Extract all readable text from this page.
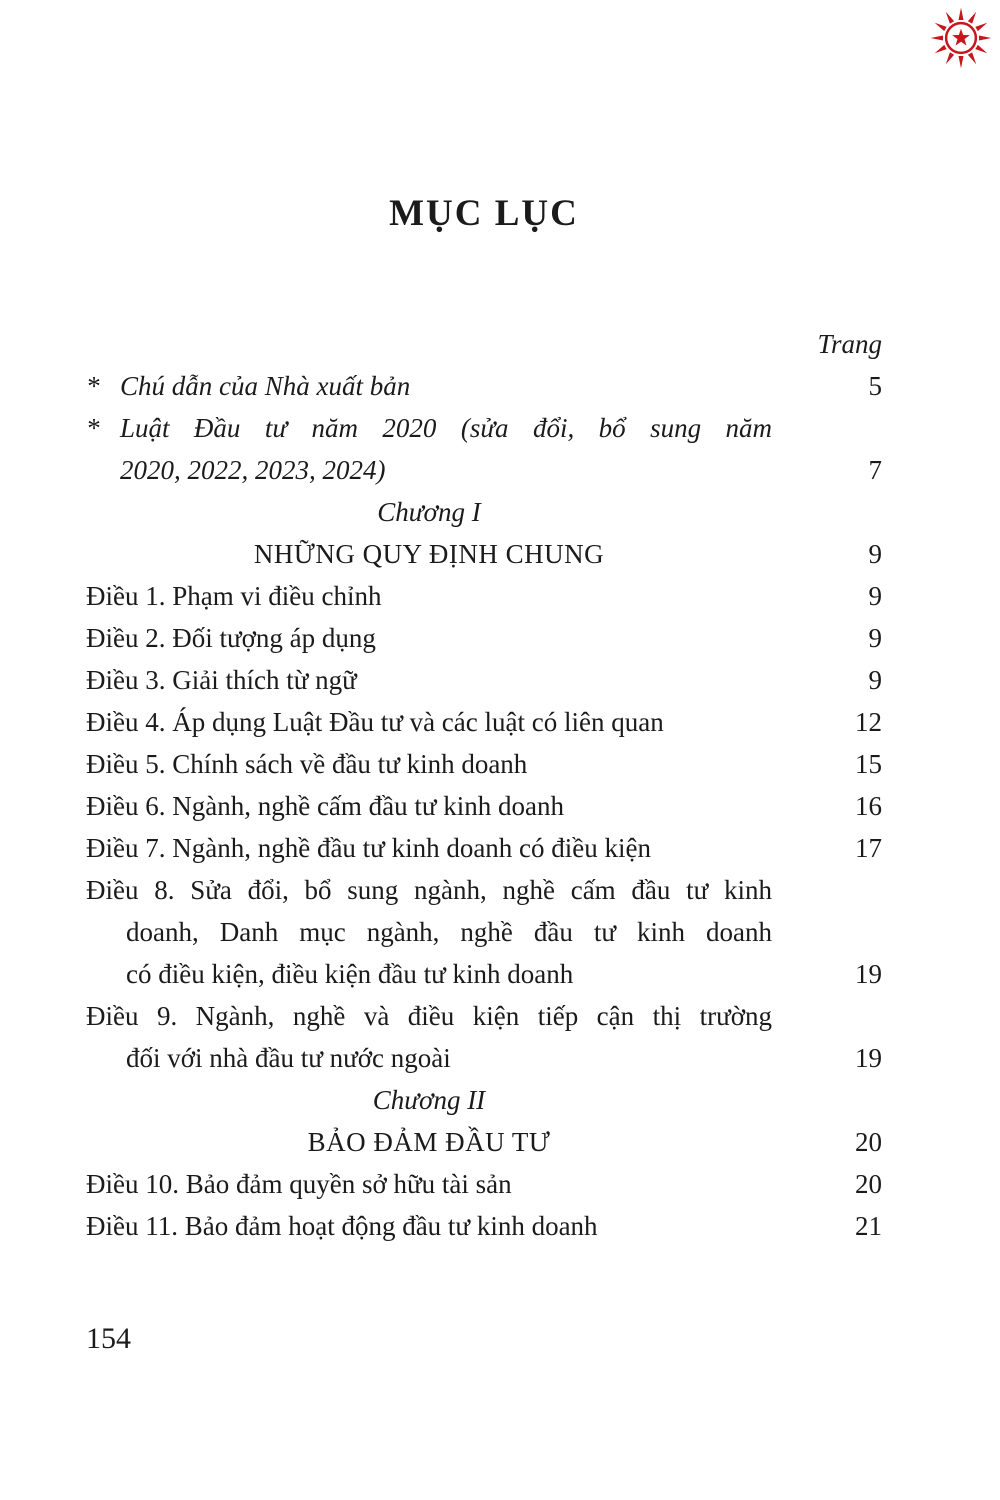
MỤC LỤC
Trang
* Chú dẫn của Nhà xuất bản	5
* Luật Đầu tư năm 2020 (sửa đổi, bổ sung năm
2020, 2022, 2023, 2024)	7
Chương I
NHỮNG QUY ĐỊNH CHUNG	9
Điều 1. Phạm vi điều chỉnh	9
Điều 2. Đối tượng áp dụng	9
Điều 3. Giải thích từ ngữ	9
Điều 4. Áp dụng Luật Đầu tư và các luật có liên quan	12
Điều 5. Chính sách về đầu tư kinh doanh	15
Điều 6. Ngành, nghề cấm đầu tư kinh doanh	16
Điều 7. Ngành, nghề đầu tư kinh doanh có điều kiện	17
Điều 8. Sửa đổi, bổ sung ngành, nghề cấm đầu tư kinh
doanh, Danh mục ngành, nghề đầu tư kinh doanh
có điều kiện, điều kiện đầu tư kinh doanh	19
Điều 9. Ngành, nghề và điều kiện tiếp cận thị trường
đối với nhà đầu tư nước ngoài	19
Chương II
BẢO ĐẢM ĐẦU TƯ	20
Điều 10. Bảo đảm quyền sở hữu tài sản	20
Điều 11. Bảo đảm hoạt động đầu tư kinh doanh	21
154
